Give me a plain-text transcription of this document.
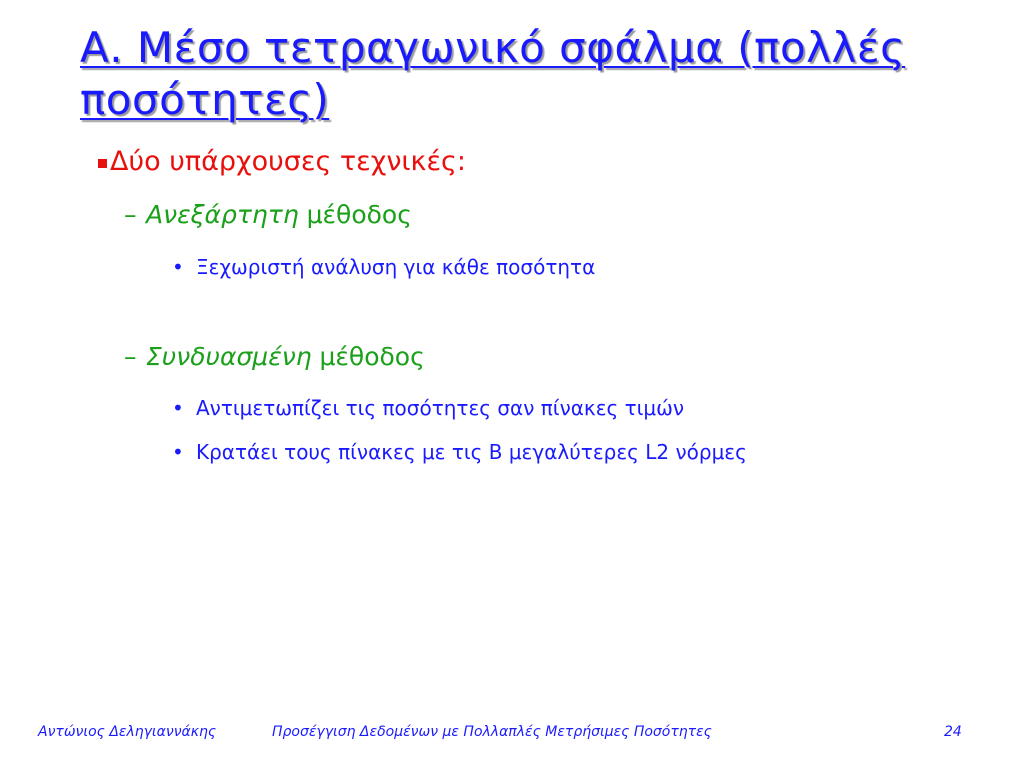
Α. Μέσο τετραγωνικό σφάλμα (πολλές
ποσότητες)
Δύο υπάρχουσες τεχνικές:
– Ανεξάρτητη μέθοδος
• Ξεχωριστή ανάλυση για κάθε ποσότητα
– Συνδυασμένη μέθοδος
• Αντιμετωπίζει τις ποσότητες σαν πίνακες τιμών
• Κρατάει τους πίνακες με τις B μεγαλύτερες L2 νόρμες
Αντώνιος Δεληγιαννάκης	Προσέγγιση Δεδομένων με Πολλαπλές Μετρήσιμες Ποσότητες	24
